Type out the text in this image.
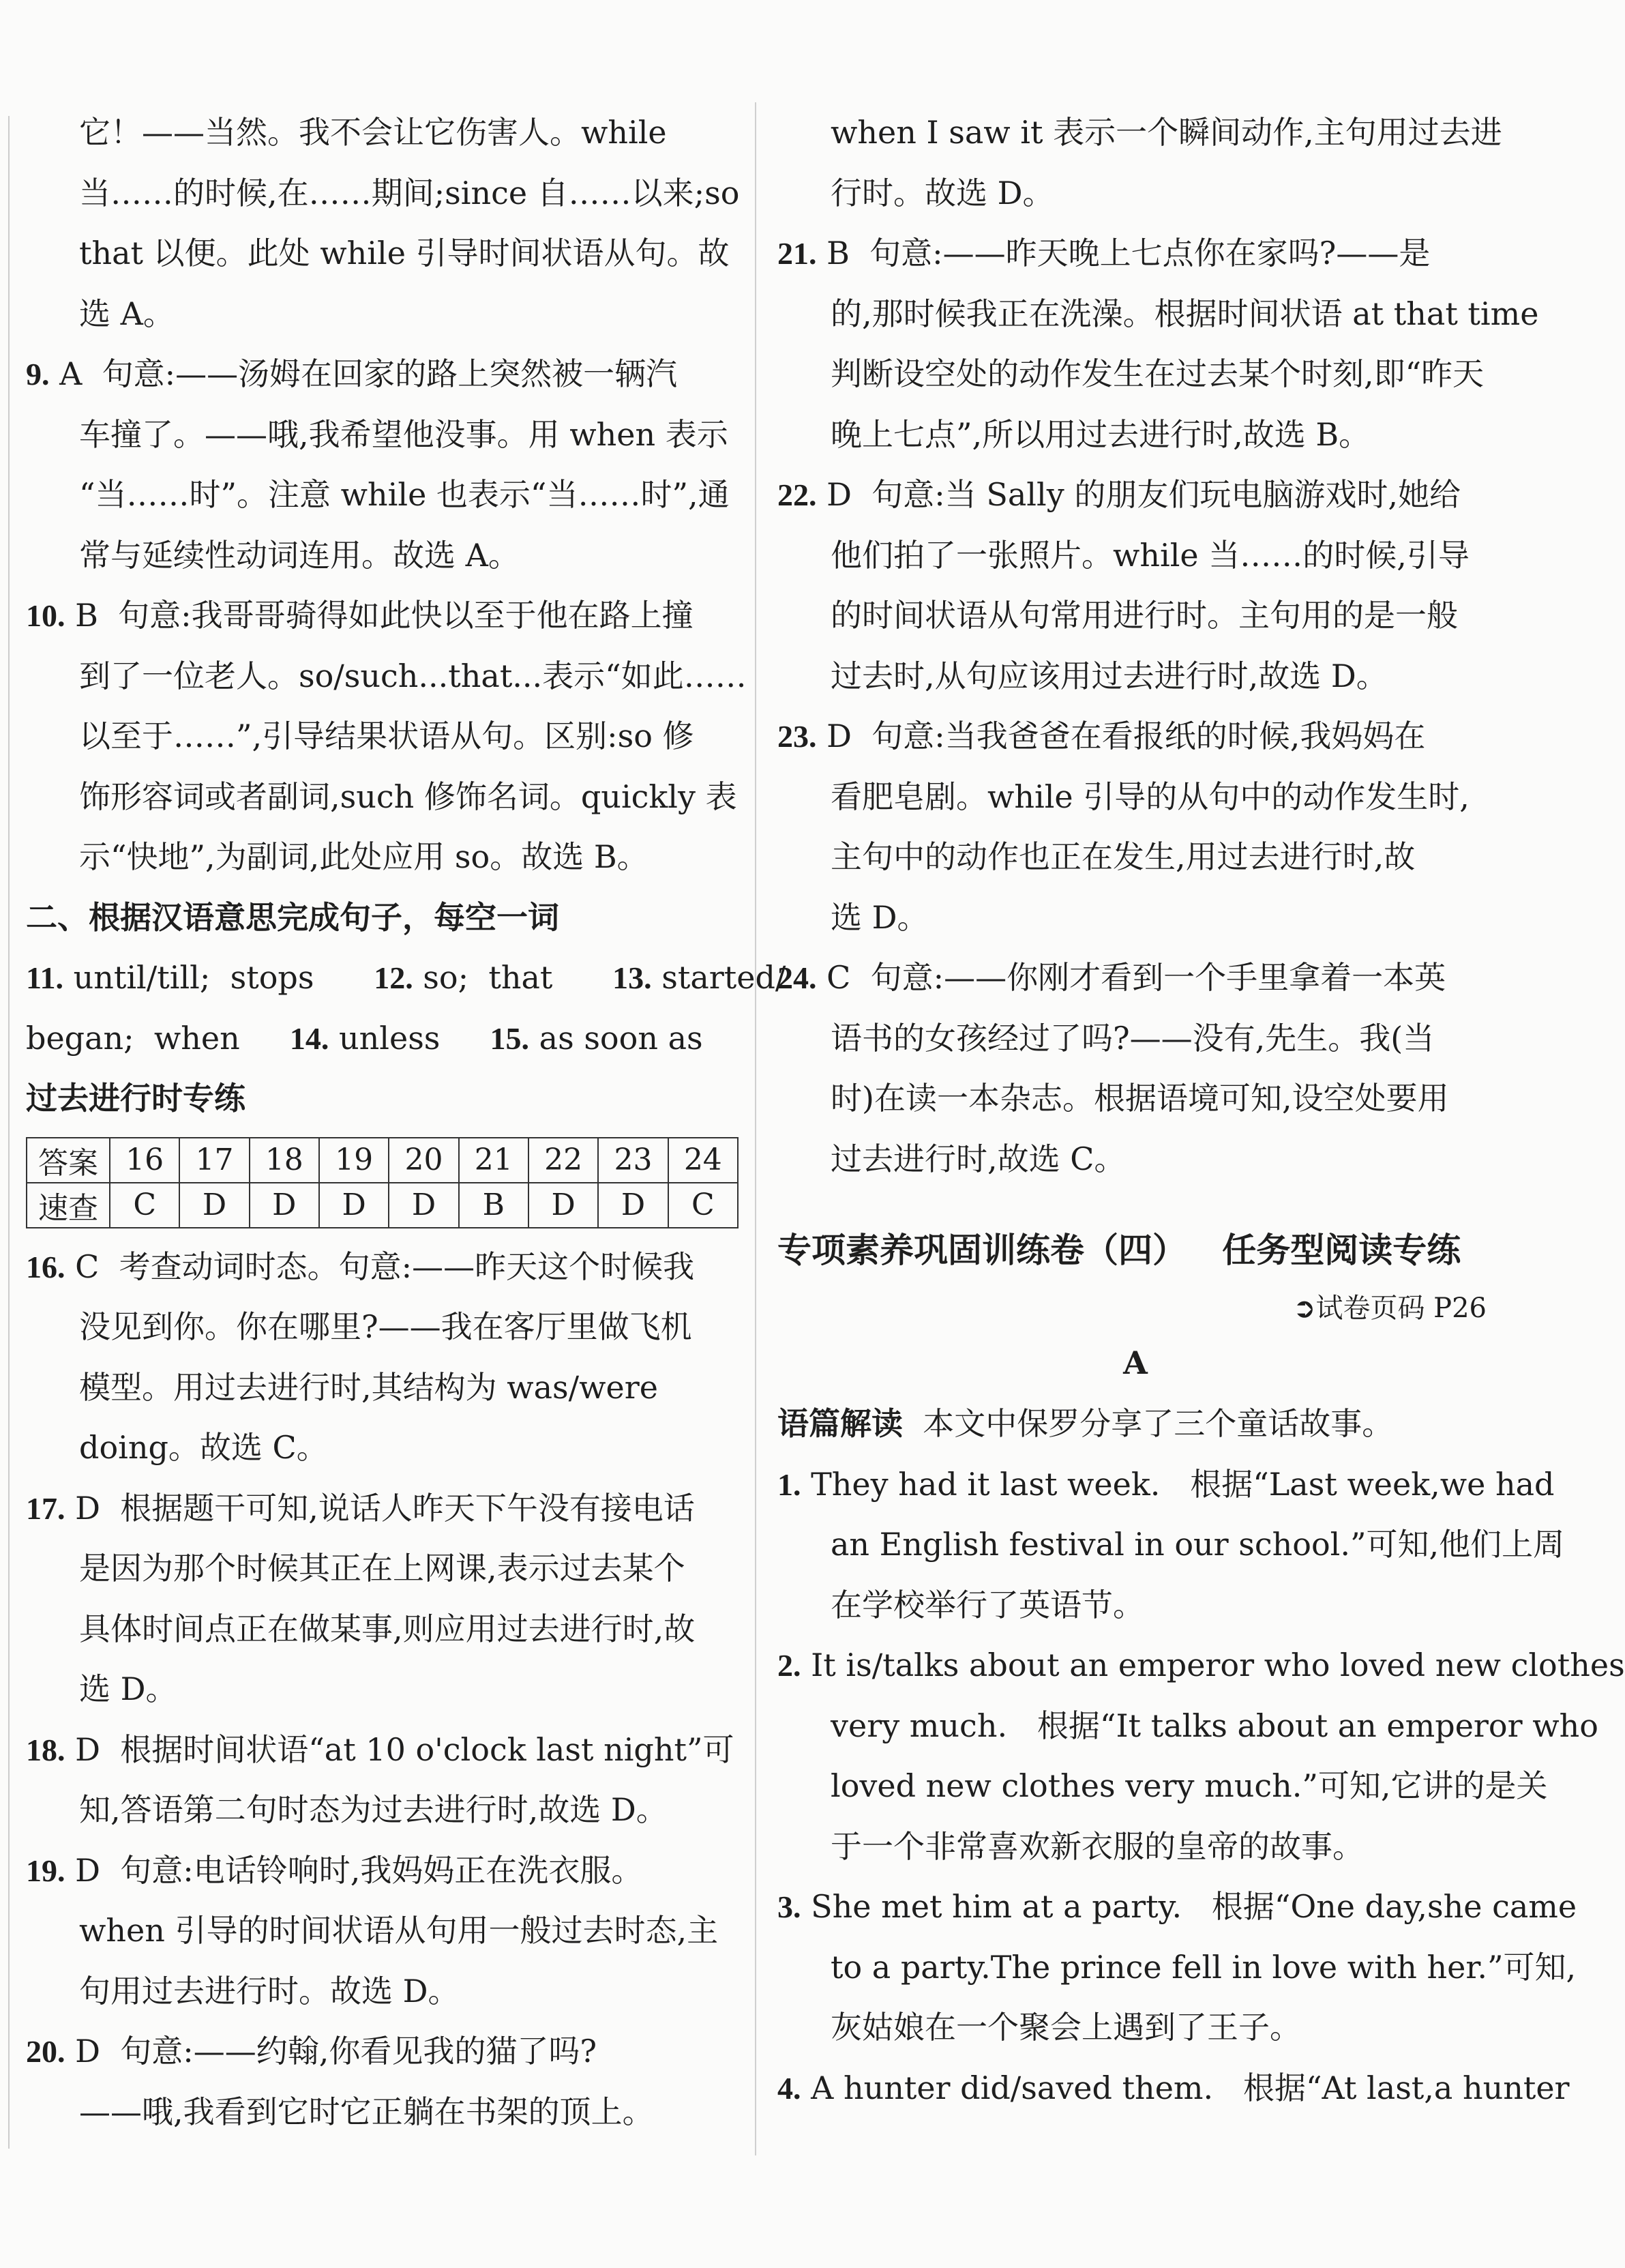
它！——当然。我不会让它伤害人。while
当……的时候,在……期间;since 自……以来;so
that 以便。此处 while 引导时间状语从句。故
选 A。
9. A  句意:——汤姆在回家的路上突然被一辆汽
车撞了。——哦,我希望他没事。用 when 表示
“当……时”。注意 while 也表示“当……时”,通
常与延续性动词连用。故选 A。
10. B  句意:我哥哥骑得如此快以至于他在路上撞
到了一位老人。so/such...that...表示“如此……
以至于……”,引导结果状语从句。区别:so 修
饰形容词或者副词,such 修饰名词。quickly 表
示“快地”,为副词,此处应用 so。故选 B。
二、根据汉语意思完成句子，每空一词
11. until/till;  stops 12. so;  that 13. started/
began;  when 14. unless 15. as soon as
过去进行时专练
答案	16	17	18	19	20	21	22	23	24
速查	C	D	D	D	D	B	D	D	C
16. C  考查动词时态。句意:——昨天这个时候我
没见到你。你在哪里?——我在客厅里做飞机
模型。用过去进行时,其结构为 was/were
doing。故选 C。
17. D  根据题干可知,说话人昨天下午没有接电话
是因为那个时候其正在上网课,表示过去某个
具体时间点正在做某事,则应用过去进行时,故
选 D。
18. D  根据时间状语“at 10 o'clock last night”可
知,答语第二句时态为过去进行时,故选 D。
19. D  句意:电话铃响时,我妈妈正在洗衣服。
when 引导的时间状语从句用一般过去时态,主
句用过去进行时。故选 D。
20. D  句意:——约翰,你看见我的猫了吗?
——哦,我看到它时它正躺在书架的顶上。
when I saw it 表示一个瞬间动作,主句用过去进
行时。故选 D。
21. B  句意:——昨天晚上七点你在家吗?——是
的,那时候我正在洗澡。根据时间状语 at that time
判断设空处的动作发生在过去某个时刻,即“昨天
晚上七点”,所以用过去进行时,故选 B。
22. D  句意:当 Sally 的朋友们玩电脑游戏时,她给
他们拍了一张照片。while 当……的时候,引导
的时间状语从句常用进行时。主句用的是一般
过去时,从句应该用过去进行时,故选 D。
23. D  句意:当我爸爸在看报纸的时候,我妈妈在
看肥皂剧。while 引导的从句中的动作发生时,
主句中的动作也正在发生,用过去进行时,故
选 D。
24. C  句意:——你刚才看到一个手里拿着一本英
语书的女孩经过了吗?——没有,先生。我(当
时)在读一本杂志。根据语境可知,设空处要用
过去进行时,故选 C。
专项素养巩固训练卷（四）   任务型阅读专练
➲试卷页码 P26
A
语篇解读  本文中保罗分享了三个童话故事。
1. They had it last week.   根据“Last week,we had
an English festival in our school.”可知,他们上周
在学校举行了英语节。
2. It is/talks about an emperor who loved new clothes
very much.   根据“It talks about an emperor who
loved new clothes very much.”可知,它讲的是关
于一个非常喜欢新衣服的皇帝的故事。
3. She met him at a party.   根据“One day,she came
to a party.The prince fell in love with her.”可知,
灰姑娘在一个聚会上遇到了王子。
4. A hunter did/saved them.   根据“At last,a hunter
